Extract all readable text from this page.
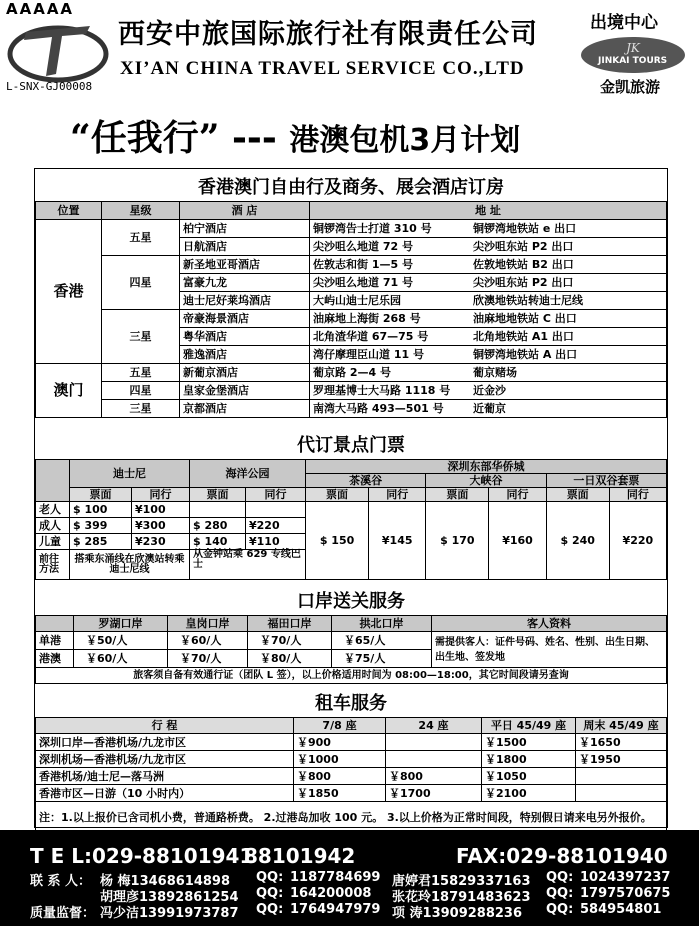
AAAAA
L-SNX-GJ00008
西安中旅国际旅行社有限责任公司
XI’AN CHINA TRAVEL SERVICE CO.,LTD
出境中心
JK
JINKAI TOURS
金凯旅游
“任我行” --- 港澳包机3月计划
香港澳门自由行及商务、展会酒店订房
位置	星级	酒 店	地 址
香港	五星	柏宁酒店	铜锣湾告士打道 310 号 铜锣湾地铁站 e 出口
		日航酒店	尖沙咀么地道 72 号 尖沙咀东站 P2 出口
	四星	新圣地亚哥酒店	佐敦志和街 1—5 号 佐敦地铁站 B2 出口
		富豪九龙	尖沙咀么地道 71 号 尖沙咀东站 P2 出口
		迪士尼好莱坞酒店	大屿山迪士尼乐园 欣澳地铁站转迪士尼线
	三星	帝豪海景酒店	油麻地上海街 268 号 油麻地地铁站 C 出口
		粤华酒店	北角渣华道 67—75 号 北角地铁站 A1 出口
		雅逸酒店	湾仔摩理臣山道 11 号 铜锣湾地铁站 A 出口
澳门	五星	新葡京酒店	葡京路 2—4 号 葡京赌场
	四星	皇家金堡酒店	罗理基博士大马路 1118 号 近金沙
	三星	京都酒店	南湾大马路 493—501 号 近葡京
代订景点门票
	迪士尼		海洋公园		深圳东部华侨城					
					茶溪谷		大峡谷		一日双谷套票	
	票面	同行	票面	同行	票面	同行	票面	同行	票面	同行
老人	$ 100	¥100			$ 150	¥145	$ 170	¥160	$ 240	¥220
成人	$ 399	¥300	$ 280	¥220						
儿童	$ 285	¥230	$ 140	¥110						
前往方法	搭乘东涌线在欣澳站转乘迪士尼线		从金钟站乘 629 专线巴士							
口岸送关服务
	罗湖口岸	皇岗口岸	福田口岸	拱北口岸	客人资料
单港	￥50/人	￥60/人	￥70/人	￥65/人	需提供客人：证件号码、姓名、性别、出生日期、出生地、签发地
港澳	￥60/人	￥70/人	￥80/人	￥75/人	
旅客须自备有效通行证（团队 L 签），以上价格适用时间为 08:00—18:00，其它时间段请另查询					
租车服务
行 程	7/8 座	24 座	平日 45/49 座	周末 45/49 座
深圳口岸—香港机场/九龙市区	￥900		￥1500	￥1650
深圳机场—香港机场/九龙市区	￥1000		￥1800	￥1950
香港机场/迪士尼—落马洲	￥800	￥800	￥1050	
香港市区—日游（10 小时内）	￥1850	￥1700	￥2100	
注：1.以上报价已含司机小费，普通路桥费。 2.过港岛加收 100 元。 3.以上价格为正常时间段，特别假日请来电另外报价。				
T E L: 029-88101941
88101942	FAX:029-88101940
联 系 人：
质量监督：
杨 梅13468614898 QQ: 1187784699 唐婷君15829337163 QQ: 1024397237
胡理彦13892861254 QQ: 164200008 张花玲18791483623 QQ: 1797570675
冯少洁13991973787 QQ: 1764947979 项 涛13909288236 QQ: 584954801
